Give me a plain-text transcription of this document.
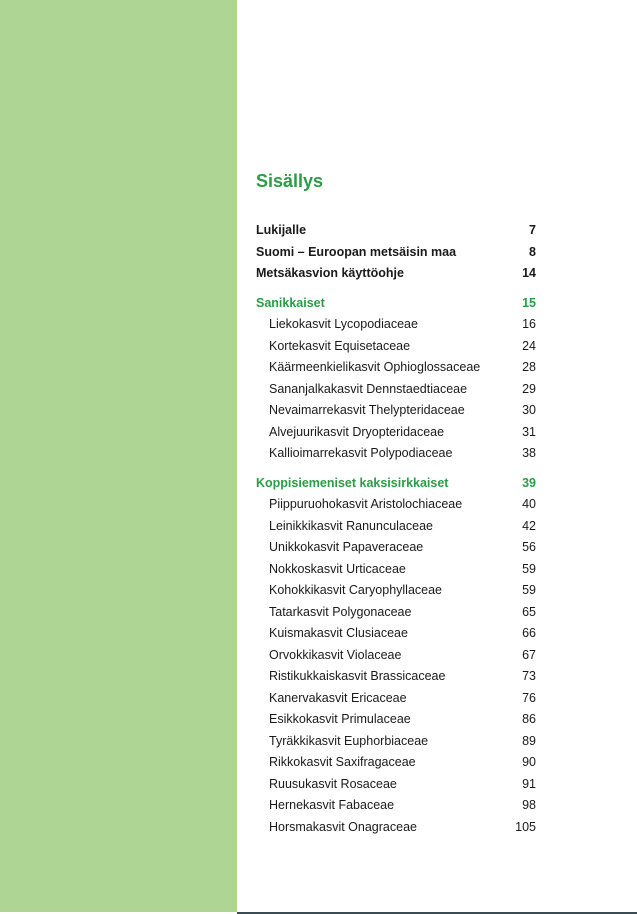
Sisällys
Lukijalle	7
Suomi – Euroopan metsäisin maa	8
Metsäkasvion käyttöohje	14
Sanikkaiset	15
Liekokasvit Lycopodiaceae	16
Kortekasvit Equisetaceae	24
Käärmeenkielikasvit Ophioglossaceae	28
Sananjalkakasvit Dennstaedtiaceae	29
Nevaimarrekasvit Thelypteridaceae	30
Alvejuurikasvit Dryopteridaceae	31
Kallioimarrekasvit Polypodiaceae	38
Koppisiemeniset kaksisirkkaiset	39
Piippuruohokasvit Aristolochiaceae	40
Leinikkikasvit Ranunculaceae	42
Unikkokasvit Papaveraceae	56
Nokkoskasvit Urticaceae	59
Kohokkikasvit Caryophyllaceae	59
Tatarkasvit Polygonaceae	65
Kuismakasvit Clusiaceae	66
Orvokkikasvit Violaceae	67
Ristikukkaiskasvit Brassicaceae	73
Kanervakasvit Ericaceae	76
Esikkokasvit Primulaceae	86
Tyräkkikasvit Euphorbiaceae	89
Rikkokasvit Saxifragaceae	90
Ruusukasvit Rosaceae	91
Hernekasvit Fabaceae	98
Horsmakasvit Onagraceae	105
